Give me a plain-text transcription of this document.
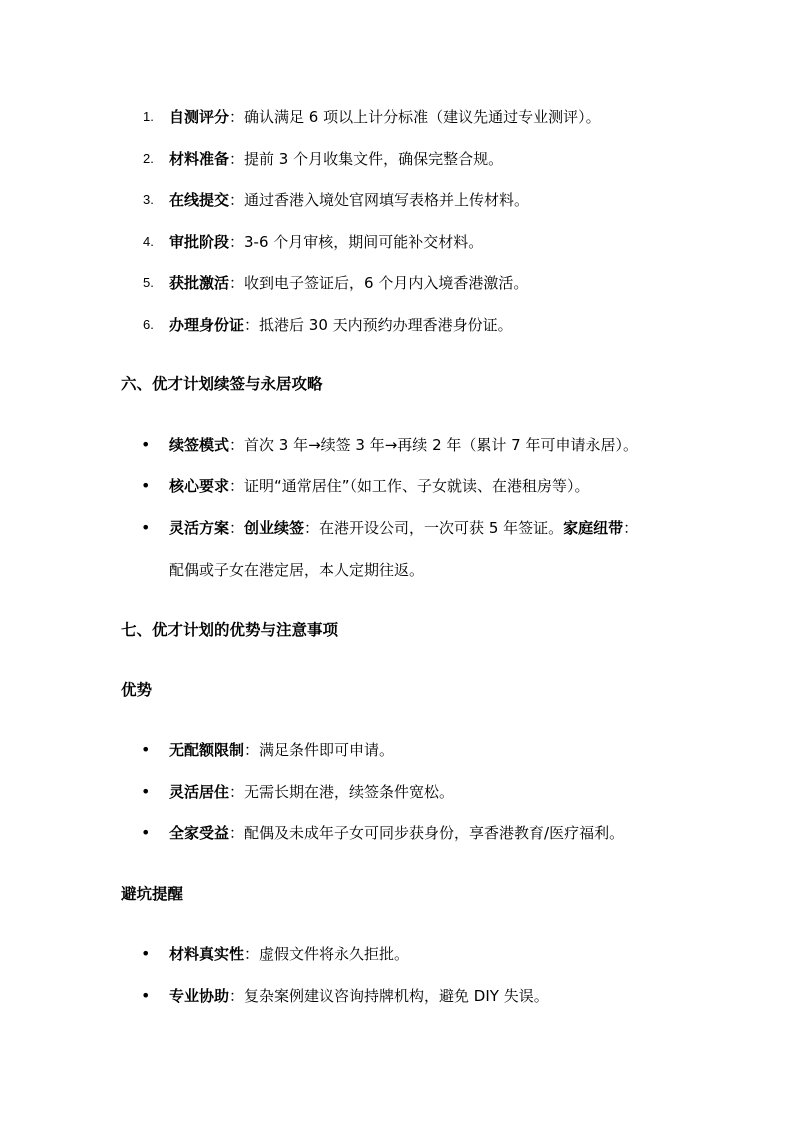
1.	自测评分：确认满足 6 项以上计分标准（建议先通过专业测评）。
2.	材料准备：提前 3 个月收集文件，确保完整合规。
3.	在线提交：通过香港入境处官网填写表格并上传材料。
4.	审批阶段：3-6 个月审核，期间可能补交材料。
5.	获批激活：收到电子签证后，6 个月内入境香港激活。
6.	办理身份证：抵港后 30 天内预约办理香港身份证。
六、优才计划续签与永居攻略
• 续签模式：首次 3 年→续签 3 年→再续 2 年（累计 7 年可申请永居）。
• 核心要求：证明“通常居住”（如工作、子女就读、在港租房等）。
• 灵活方案：创业续签：在港开设公司，一次可获 5 年签证。家庭纽带：
配偶或子女在港定居，本人定期往返。
七、优才计划的优势与注意事项
优势
• 无配额限制：满足条件即可申请。
• 灵活居住：无需长期在港，续签条件宽松。
• 全家受益：配偶及未成年子女可同步获身份，享香港教育/医疗福利。
避坑提醒
• 材料真实性：虚假文件将永久拒批。
• 专业协助：复杂案例建议咨询持牌机构，避免 DIY 失误。
